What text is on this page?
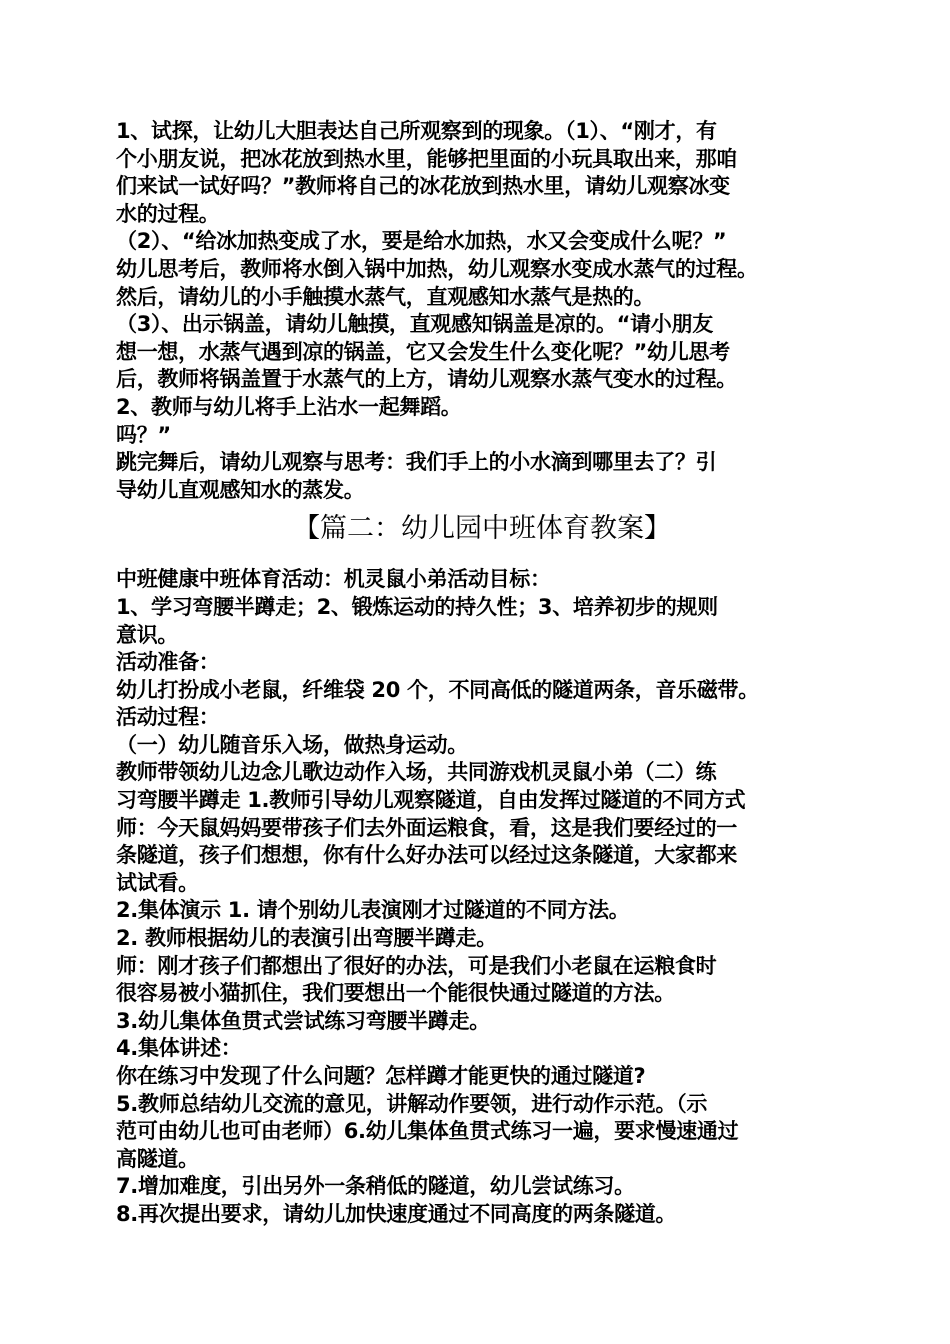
1、试探，让幼儿大胆表达自己所观察到的现象。（1）、“刚才，有
个小朋友说，把冰花放到热水里，能够把里面的小玩具取出来，那咱
们来试一试好吗？”教师将自己的冰花放到热水里，请幼儿观察冰变
水的过程。
（2）、“给冰加热变成了水，要是给水加热，水又会变成什么呢？”
幼儿思考后，教师将水倒入锅中加热，幼儿观察水变成水蒸气的过程。
然后，请幼儿的小手触摸水蒸气，直观感知水蒸气是热的。
（3）、出示锅盖，请幼儿触摸，直观感知锅盖是凉的。“请小朋友
想一想，水蒸气遇到凉的锅盖，它又会发生什么变化呢？”幼儿思考
后，教师将锅盖置于水蒸气的上方，请幼儿观察水蒸气变水的过程。
2、教师与幼儿将手上沾水一起舞蹈。
吗？”
跳完舞后，请幼儿观察与思考：我们手上的小水滴到哪里去了？引
导幼儿直观感知水的蒸发。
【篇二：幼儿园中班体育教案】
中班健康中班体育活动：机灵鼠小弟活动目标：
1、学习弯腰半蹲走；2、锻炼运动的持久性；3、培养初步的规则
意识。
活动准备：
幼儿打扮成小老鼠，纤维袋 20 个，不同高低的隧道两条，音乐磁带。
活动过程：
（一）幼儿随音乐入场，做热身运动。
教师带领幼儿边念儿歌边动作入场，共同游戏机灵鼠小弟（二）练
习弯腰半蹲走 1.教师引导幼儿观察隧道，自由发挥过隧道的不同方式
师：今天鼠妈妈要带孩子们去外面运粮食，看，这是我们要经过的一
条隧道，孩子们想想，你有什么好办法可以经过这条隧道，大家都来
试试看。
2.集体演示 1. 请个别幼儿表演刚才过隧道的不同方法。
2. 教师根据幼儿的表演引出弯腰半蹲走。
师：刚才孩子们都想出了很好的办法，可是我们小老鼠在运粮食时
很容易被小猫抓住，我们要想出一个能很快通过隧道的方法。
3.幼儿集体鱼贯式尝试练习弯腰半蹲走。
4.集体讲述：
你在练习中发现了什么问题？怎样蹲才能更快的通过隧道?
5.教师总结幼儿交流的意见，讲解动作要领，进行动作示范。（示
范可由幼儿也可由老师）6.幼儿集体鱼贯式练习一遍，要求慢速通过
高隧道。
7.增加难度，引出另外一条稍低的隧道，幼儿尝试练习。
8.再次提出要求，请幼儿加快速度通过不同高度的两条隧道。
